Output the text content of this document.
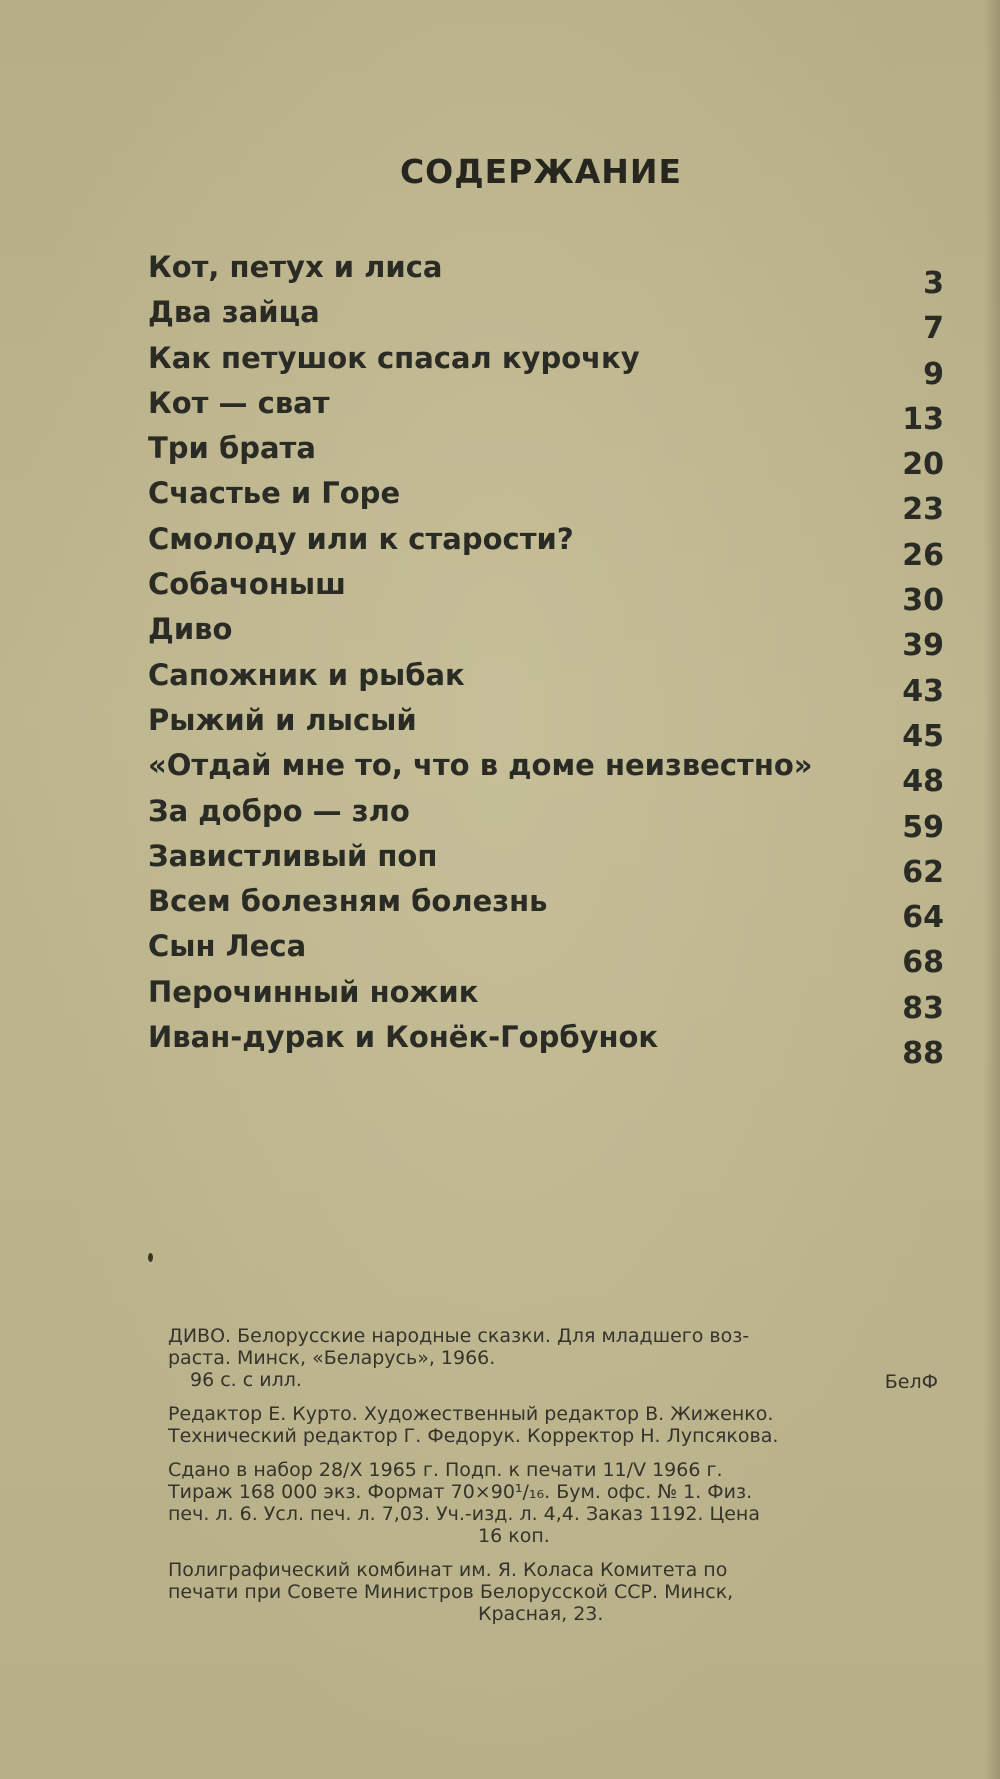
СОДЕРЖАНИЕ
Кот, петух и лиса	3
Два зайца	7
Как петушок спасал курочку	9
Кот — сват	13
Три брата	20
Счастье и Горе	23
Смолоду или к старости?	26
Собачоныш	30
Диво	39
Сапожник и рыбак	43
Рыжий и лысый	45
«Отдай мне то, что в доме неизвестно»	48
За добро — зло	59
Завистливый поп	62
Всем болезням болезнь	64
Сын Леса	68
Перочинный ножик	83
Иван-дурак и Конёк-Горбунок	88
ДИВО. Белорусские народные сказки. Для младшего воз-
раста. Минск, «Беларусь», 1966.
96 с. с илл.	БелФ
Редактор Е. Курто. Художественный редактор В. Жиженко.
Технический редактор Г. Федорук. Корректор Н. Лупсякова.
Сдано в набор 28/X 1965 г. Подп. к печати 11/V 1966 г.
Тираж 168 000 экз. Формат 70×90¹/₁₆. Бум. офс. № 1. Физ.
печ. л. 6. Усл. печ. л. 7,03. Уч.-изд. л. 4,4. Заказ 1192. Цена
16 коп.
Полиграфический комбинат им. Я. Коласа Комитета по
печати при Совете Министров Белорусской ССР. Минск,
Красная, 23.
